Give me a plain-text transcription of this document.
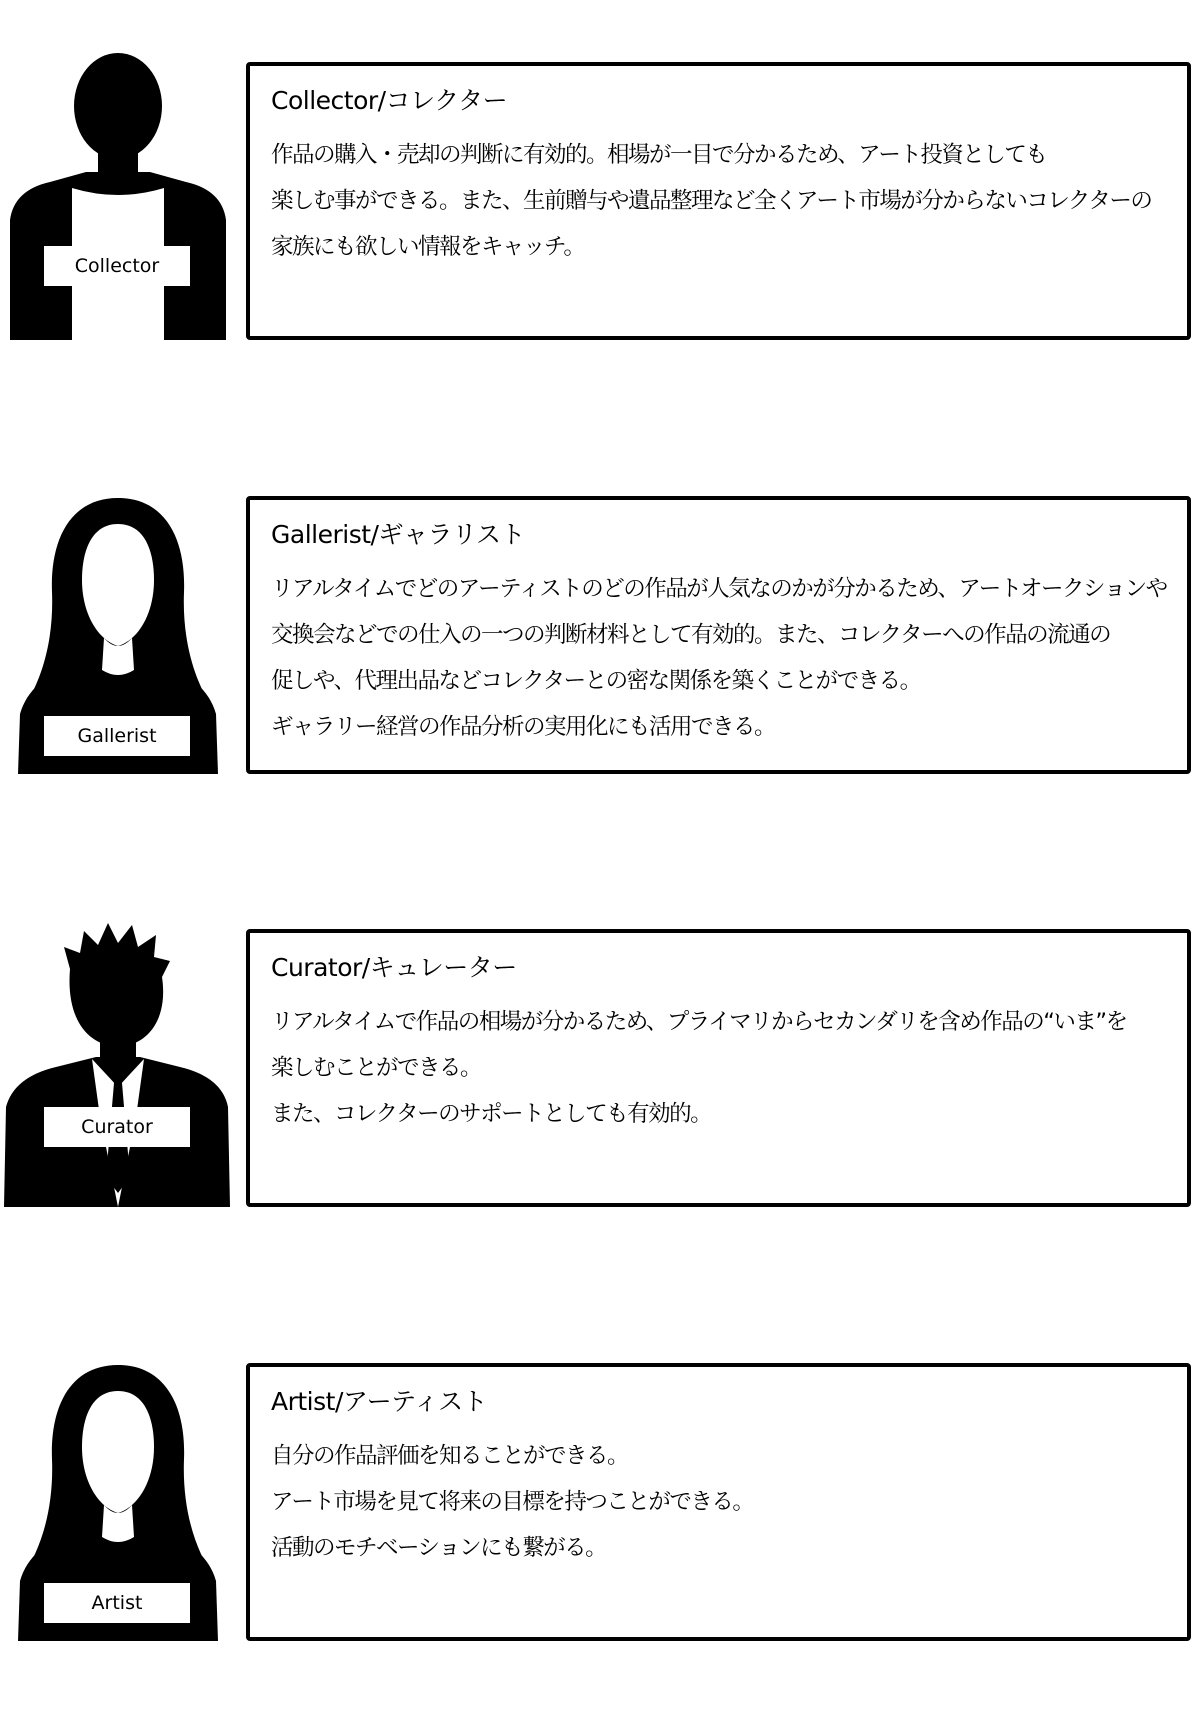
Collector
Collector/コレクター
作品の購入・売却の判断に有効的。相場が一目で分かるため、アート投資としても
楽しむ事ができる。また、生前贈与や遺品整理など全くアート市場が分からないコレクターの
家族にも欲しい情報をキャッチ。
Gallerist
Gallerist/ギャラリスト
リアルタイムでどのアーティストのどの作品が人気なのかが分かるため、アートオークションや
交換会などでの仕入の一つの判断材料として有効的。また、コレクターへの作品の流通の
促しや、代理出品などコレクターとの密な関係を築くことができる。
ギャラリー経営の作品分析の実用化にも活用できる。
Curator
Curator/キュレーター
リアルタイムで作品の相場が分かるため、プライマリからセカンダリを含め作品の“いま”を
楽しむことができる。
また、コレクターのサポートとしても有効的。
Artist
Artist/アーティスト
自分の作品評価を知ることができる。
アート市場を見て将来の目標を持つことができる。
活動のモチベーションにも繋がる。
